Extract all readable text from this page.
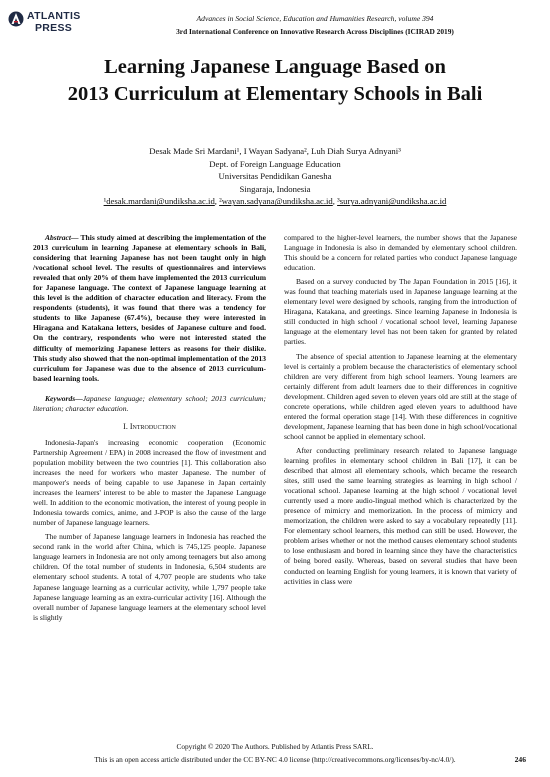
ATLANTIS
PRESS
Advances in Social Science, Education and Humanities Research, volume 394
3rd International Conference on Innovative Research Across Disciplines (ICIRAD 2019)
Learning Japanese Language Based on
2013 Curriculum at Elementary Schools in Bali
Desak Made Sri Mardani¹, I Wayan Sadyana², Luh Diah Surya Adnyani³
Dept. of Foreign Language Education
Universitas Pendidikan Ganesha
Singaraja, Indonesia
¹desak.mardani@undiksha.ac.id, ²wayan.sadyana@undiksha.ac.id, ³surya.adnyani@undiksha.ac.id

Abstract— This study aimed at describing the implementation of the 2013 curriculum in learning Japanese at elementary schools in Bali, considering that learning Japanese has not been taught only in high /vocational school level. The results of questionnaires and interviews revealed that only 20% of them have implemented the 2013 curriculum for Japanese language. The context of Japanese language learning at this level is the addition of character education and literacy. From the respondents (students), it was found that there was a tendency for students to like Japanese (67.4%), because they were interested in Hiragana and Katakana letters, besides of Japanese culture and food. On the contrary, respondents who were not interested stated the difficulty of memorizing Japanese letters as reasons for their dislike. This study also showed that the non-optimal implementation of the 2013 curriculum for Japanese was due to the absence of 2013 curriculum-based learning tools.

Keywords—Japanese language; elementary school; 2013 curriculum; literation; character education.

I. Introduction

Indonesia-Japan's increasing economic cooperation (Economic Partnership Agreement / EPA) in 2008 increased the flow of investment and population mobility between the two countries [1]. This collaboration also increases the need for workers who master Japanese. The number of manpower's needs of being capable to use Japanese in Japan certainly increases the learners' interest to be able to master the Japanese Language well. In addition to the economic motivation, the interest of young people in Indonesia towards comics, anime, and J-POP is also the cause of the large number of Japanese language learners.

The number of Japanese language learners in Indonesia has reached the second rank in the world after China, which is 745,125 people. Japanese language learners in Indonesia are not only among teenagers but also among children. Of the total number of students in Indonesia, 6,504 students are elementary school students. A total of 4,707 people are students who take Japanese language learning as a curricular activity, while 1,797 people take Japanese language learning as an extra-curricular activity [16]. Although the overall number of Japanese language learners at the elementary school level is slightly

compared to the higher-level learners, the number shows that the Japanese Language in Indonesia is also in demanded by elementary school children. This should be a concern for related parties who conduct Japanese language education.

Based on a survey conducted by The Japan Foundation in 2015 [16], it was found that teaching materials used in Japanese language learning at the elementary level were designed by schools, ranging from the introduction of Hiragana, Katakana, and greetings. Since learning Japanese in Indonesia is still conducted in high school / vocational school level, learning Japanese language at the elementary level has not been taken for granted by related parties.

The absence of special attention to Japanese learning at the elementary level is certainly a problem because the characteristics of elementary school children are very different from high school learners. Young learners are certainly different from adult learners due to their differences in cognitive development. Children aged seven to eleven years old are still at the stage of concrete operations, while children aged eleven years to adulthood have entered the formal operation stage [14]. With these differences in cognitive development, Japanese learning that has been done in high school/vocational school cannot be applied in elementary school.

After conducting preliminary research related to Japanese language learning profiles in elementary school children in Bali [17], it can be described that almost all elementary schools, which became the research sites, still used the same learning strategies as learning in high school / vocational school. Japanese learning at the high school / vocational level currently used a more audio-lingual method which is characterized by the presence of mimicry and memorization. In the process of mimicry and memorization, the children were asked to say a vocabulary repeatedly [11]. For elementary school learners, this method can still be used. However, the problem arises whether or not the method causes elementary school students to lose enthusiasm and bored in learning since they have the characteristics of being bored easily. Whereas, based on several studies that have been conducted on learning English for young learners, it is known that variety of activities in class were

Copyright © 2020 The Authors. Published by Atlantis Press SARL.
This is an open access article distributed under the CC BY-NC 4.0 license (http://creativecommons.org/licenses/by-nc/4.0/).	246
